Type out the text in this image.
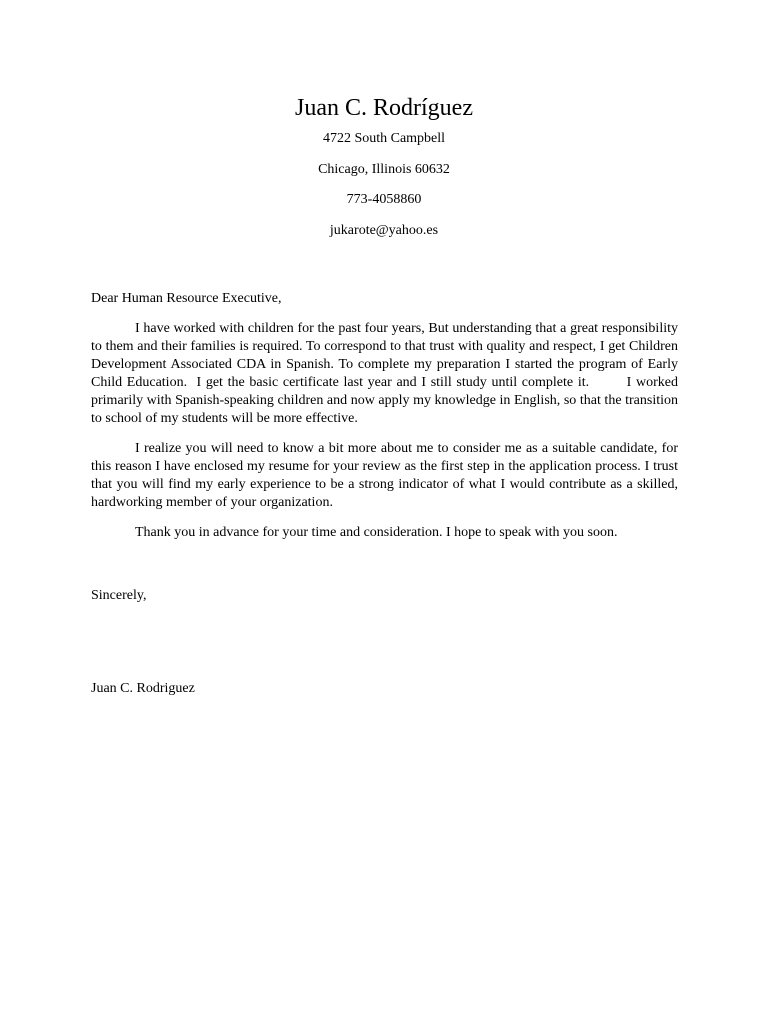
Juan C. Rodríguez
4722 South Campbell
Chicago, Illinois 60632
773-4058860
jukarote@yahoo.es

Dear Human Resource Executive,

I have worked with children for the past four years, But understanding that a great responsibility to them and their families is required. To correspond to that trust with quality and respect, I get Children Development Associated CDA in Spanish. To complete my preparation I started the program of Early Child Education.  I get the basic certificate last year and I still study until complete it.        I worked primarily with Spanish-speaking children and now apply my knowledge in English, so that the transition to school of my students will be more effective.

I realize you will need to know a bit more about me to consider me as a suitable candidate, for this reason I have enclosed my resume for your review as the first step in the application process. I trust that you will find my early experience to be a strong indicator of what I would contribute as a skilled, hardworking member of your organization.

Thank you in advance for your time and consideration. I hope to speak with you soon.

Sincerely,
Juan C. Rodriguez
